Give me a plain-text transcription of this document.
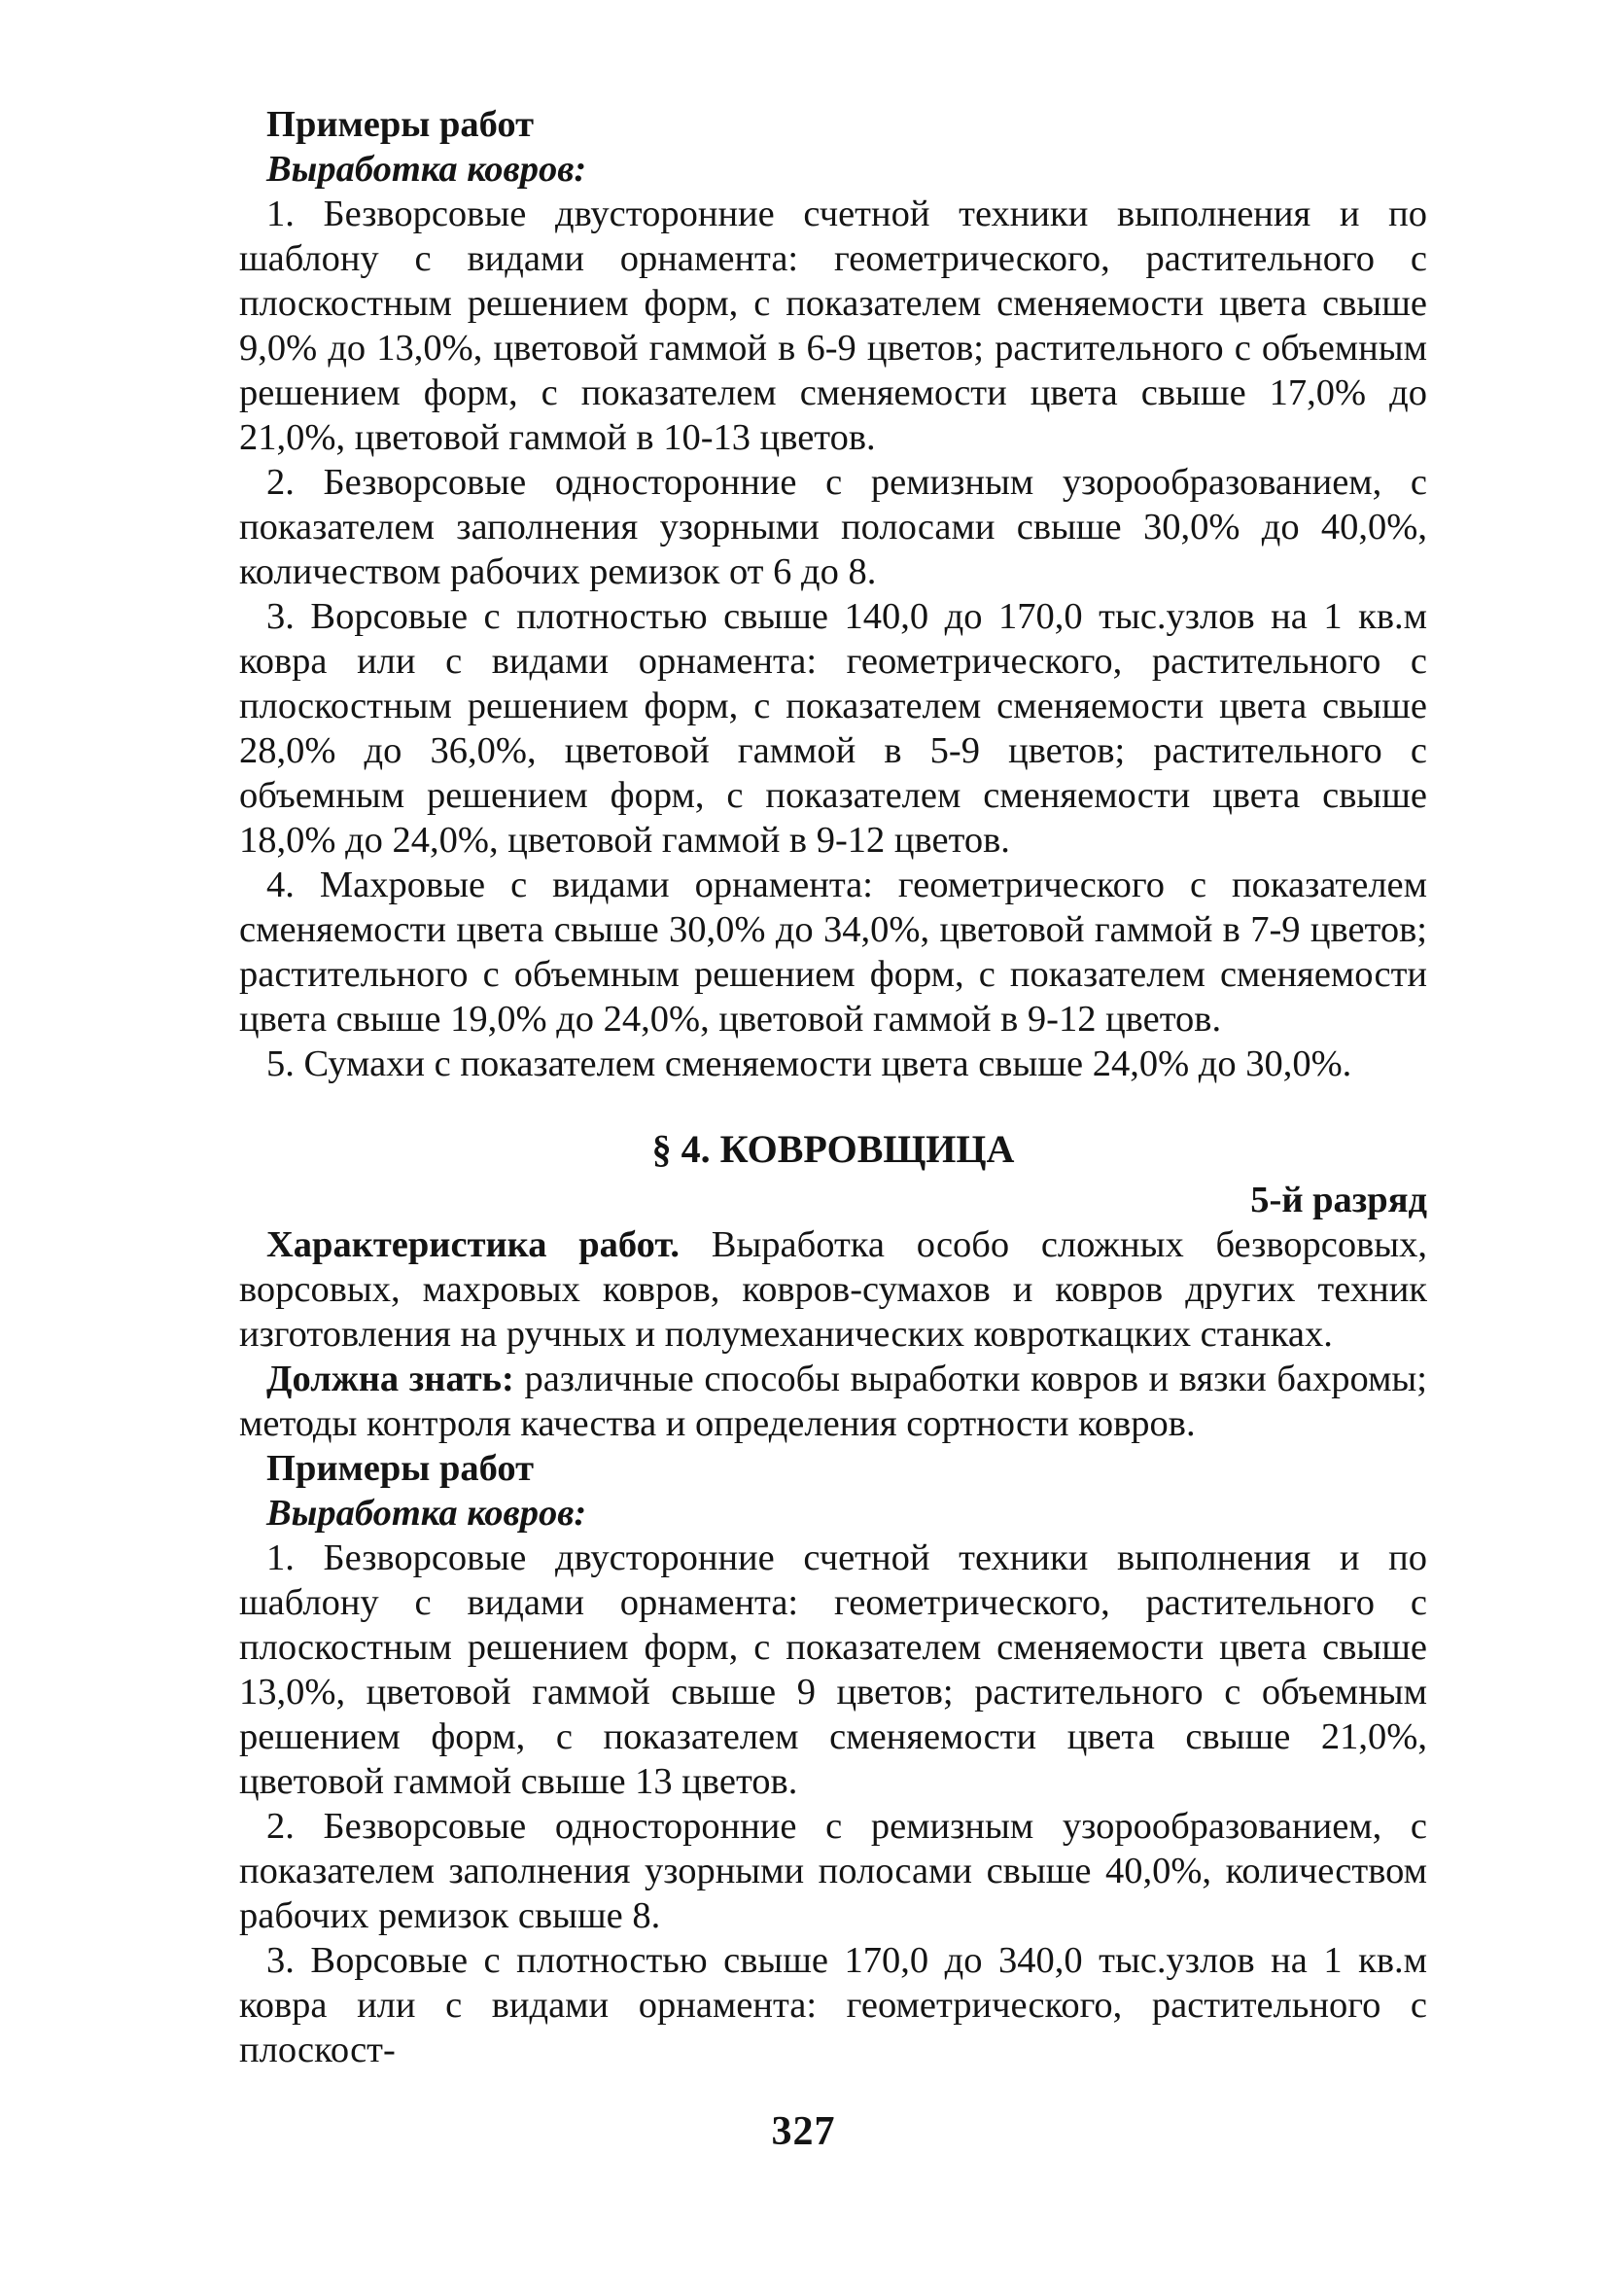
Примеры работ

Выработка ковров:

1. Безворсовые двусторонние счетной техники выполнения и по шаблону с видами орнамента: геометрического, растительного с плоскостным решением форм, с показателем сменяемости цвета свыше 9,0% до 13,0%, цветовой гаммой в 6-9 цветов; растительного с объемным решением форм, с показателем сменяемости цвета свыше 17,0% до 21,0%, цветовой гаммой в 10-13 цветов.

2. Безворсовые односторонние с ремизным узорообразованием, с показателем заполнения узорными полосами свыше 30,0% до 40,0%, количеством рабочих ремизок от 6 до 8.

3. Ворсовые с плотностью свыше 140,0 до 170,0 тыс.узлов на 1 кв.м ковра или с видами орнамента: геометрического, растительного с плоскостным решением форм, с показателем сменяемости цвета свыше 28,0% до 36,0%, цветовой гаммой в 5-9 цветов; растительного с объемным решением форм, с показателем сменяемости цвета свыше 18,0% до 24,0%, цветовой гаммой в 9-12 цветов.

4. Махровые с видами орнамента: геометрического с показателем сменяемости цвета свыше 30,0% до 34,0%, цветовой гаммой в 7-9 цветов; растительного с объемным решением форм, с показателем сменяемости цвета свыше 19,0% до 24,0%, цветовой гаммой в 9-12 цветов.

5. Сумахи с показателем сменяемости цвета свыше 24,0% до 30,0%.

§ 4. КОВРОВЩИЦА

5-й разряд

Характеристика работ. Выработка особо сложных безворсовых, ворсовых, махровых ковров, ковров-сумахов и ковров других техник изготовления на ручных и полумеханических ковроткацких станках.

Должна знать: различные способы выработки ковров и вязки бахромы; методы контроля качества и определения сортности ковров.

Примеры работ

Выработка ковров:

1. Безворсовые двусторонние счетной техники выполнения и по шаблону с видами орнамента: геометрического, растительного с плоскостным решением форм, с показателем сменяемости цвета свыше 13,0%, цветовой гаммой свыше 9 цветов; растительного с объемным решением форм, с показателем сменяемости цвета свыше 21,0%, цветовой гаммой свыше 13 цветов.

2. Безворсовые односторонние с ремизным узорообразованием, с показателем заполнения узорными полосами свыше 40,0%, количеством рабочих ремизок свыше 8.

3. Ворсовые с плотностью свыше 170,0 до 340,0 тыс.узлов на 1 кв.м ковра или с видами орнамента: геометрического, растительного с плоскост-

327
